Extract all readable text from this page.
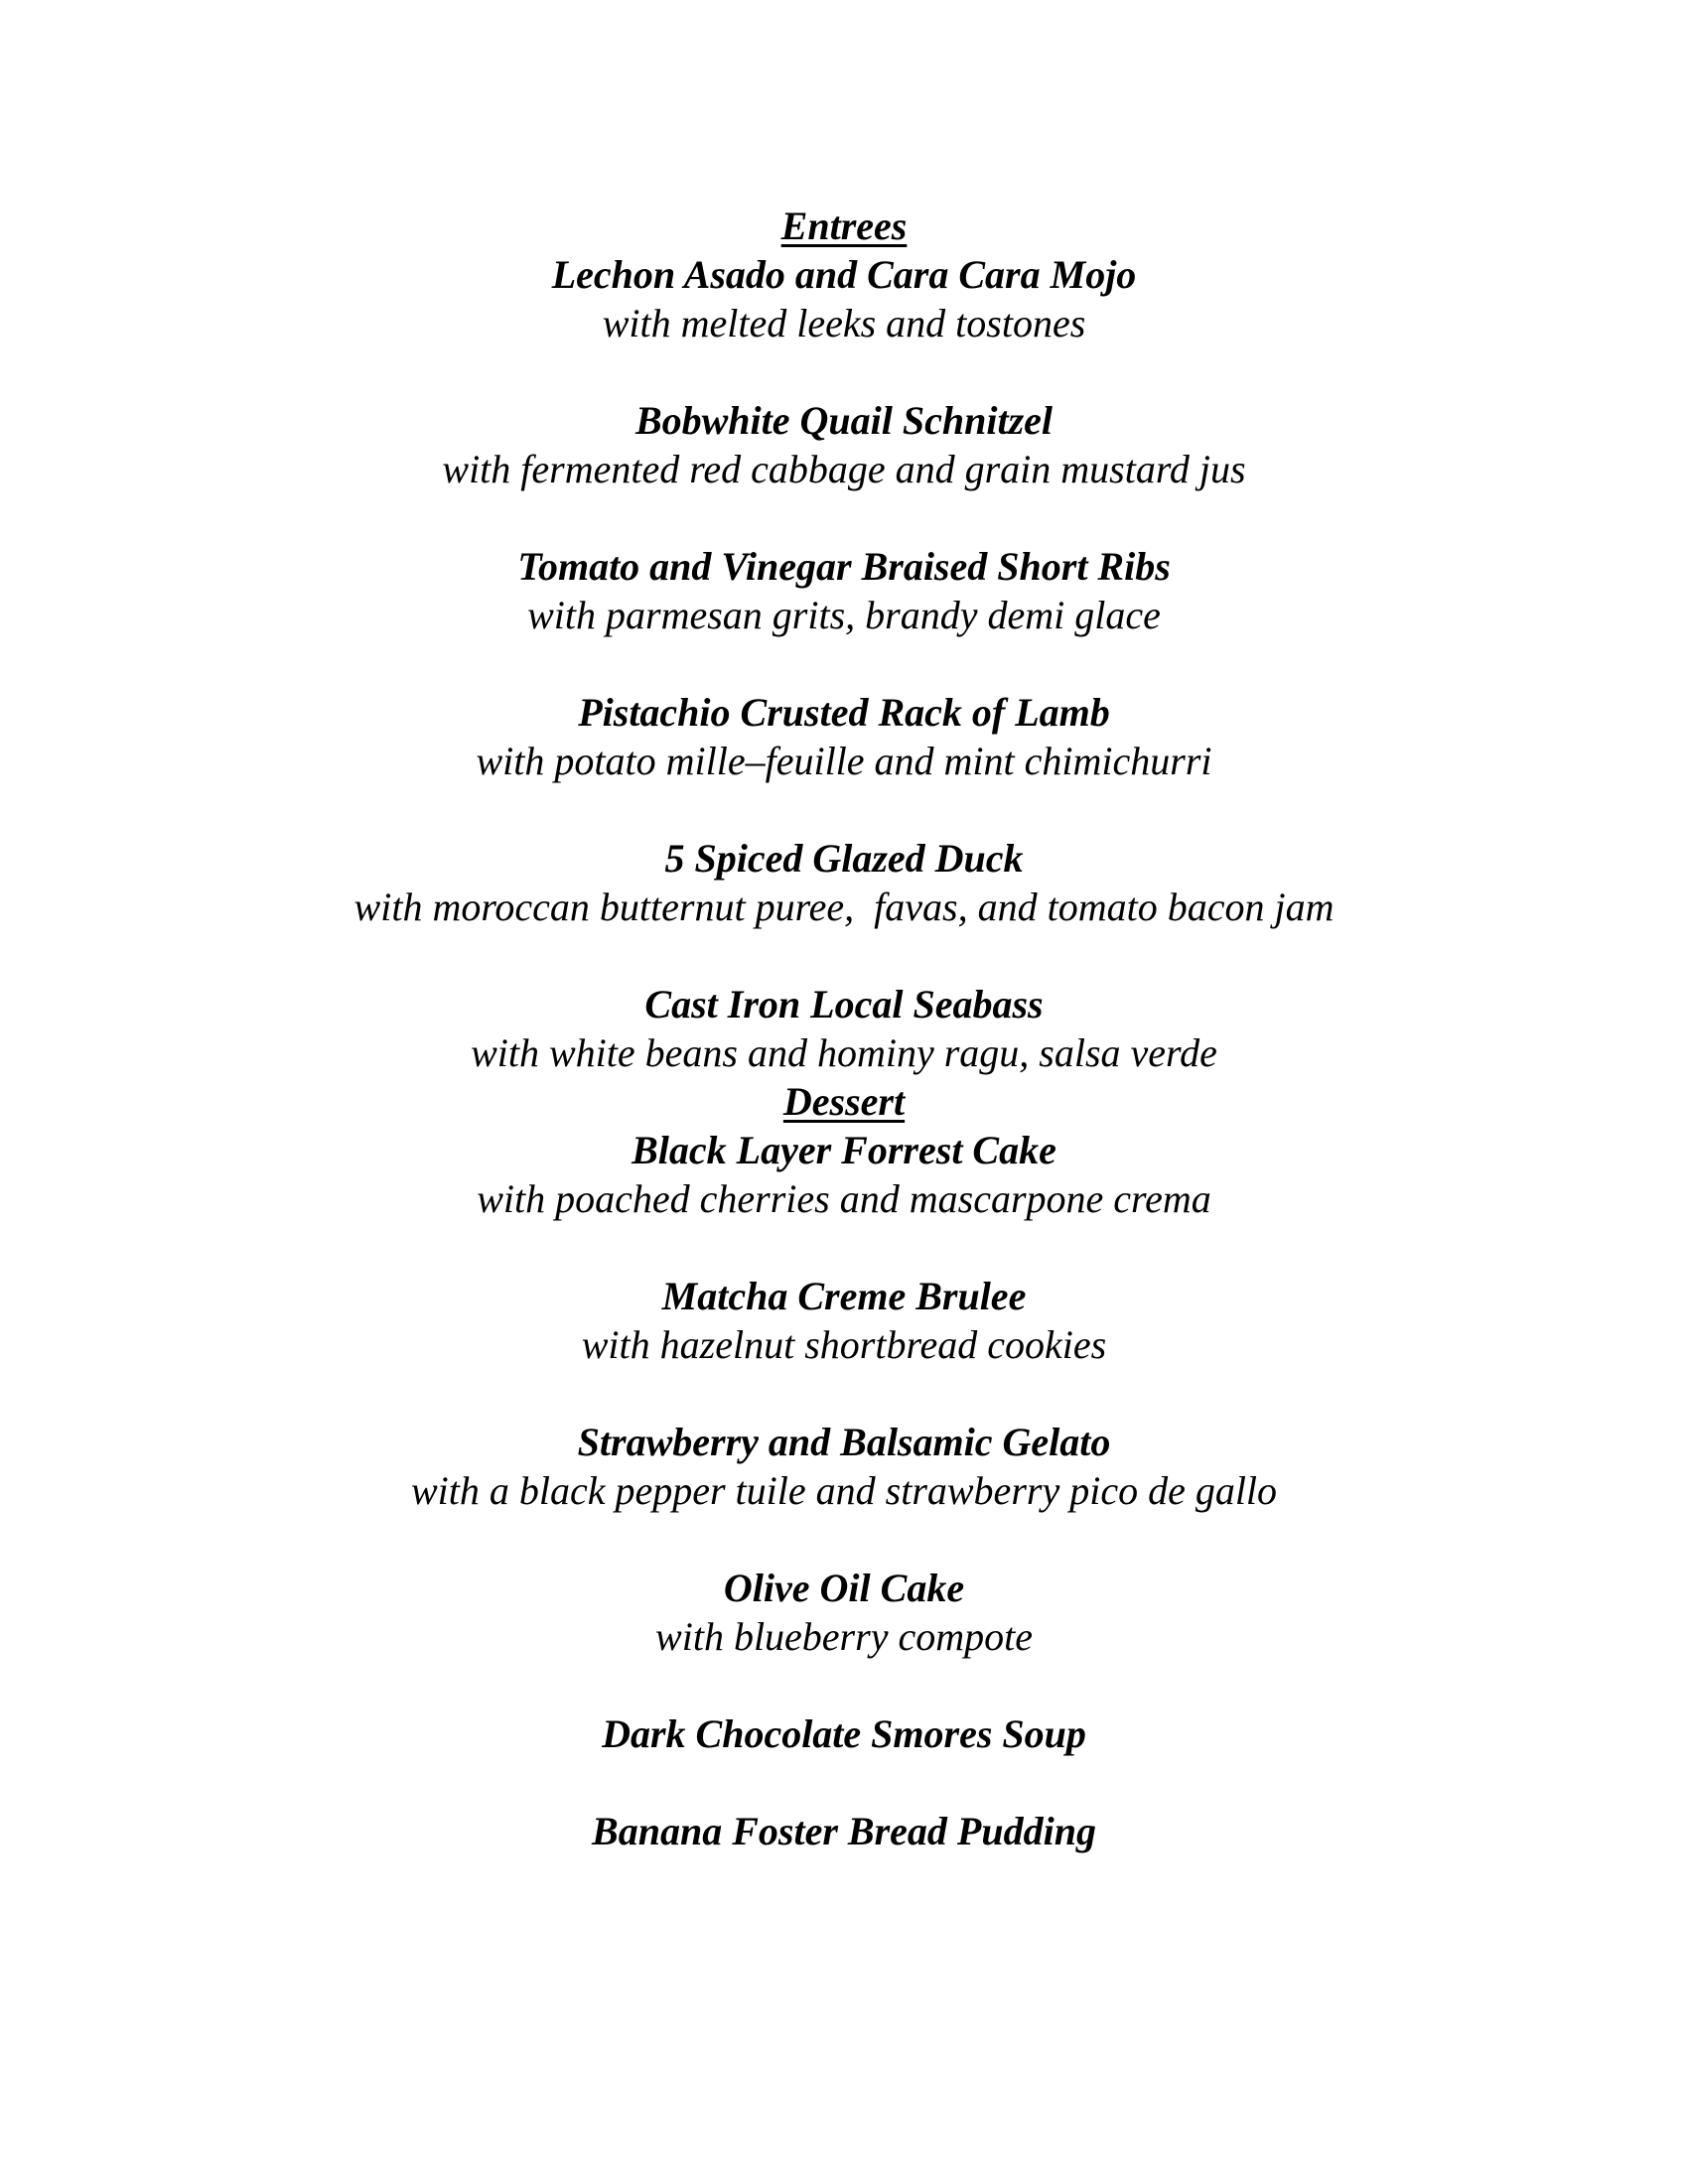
Entrees
Lechon Asado and Cara Cara Mojo
with melted leeks and tostones
Bobwhite Quail Schnitzel
with fermented red cabbage and grain mustard jus
Tomato and Vinegar Braised Short Ribs
with parmesan grits, brandy demi glace
Pistachio Crusted Rack of Lamb
with potato mille–feuille and mint chimichurri
5 Spiced Glazed Duck
with moroccan butternut puree,  favas, and tomato bacon jam
Cast Iron Local Seabass
with white beans and hominy ragu, salsa verde
Dessert
Black Layer Forrest Cake
with poached cherries and mascarpone crema
Matcha Creme Brulee
with hazelnut shortbread cookies
Strawberry and Balsamic Gelato
with a black pepper tuile and strawberry pico de gallo
Olive Oil Cake
with blueberry compote
Dark Chocolate Smores Soup
Banana Foster Bread Pudding
